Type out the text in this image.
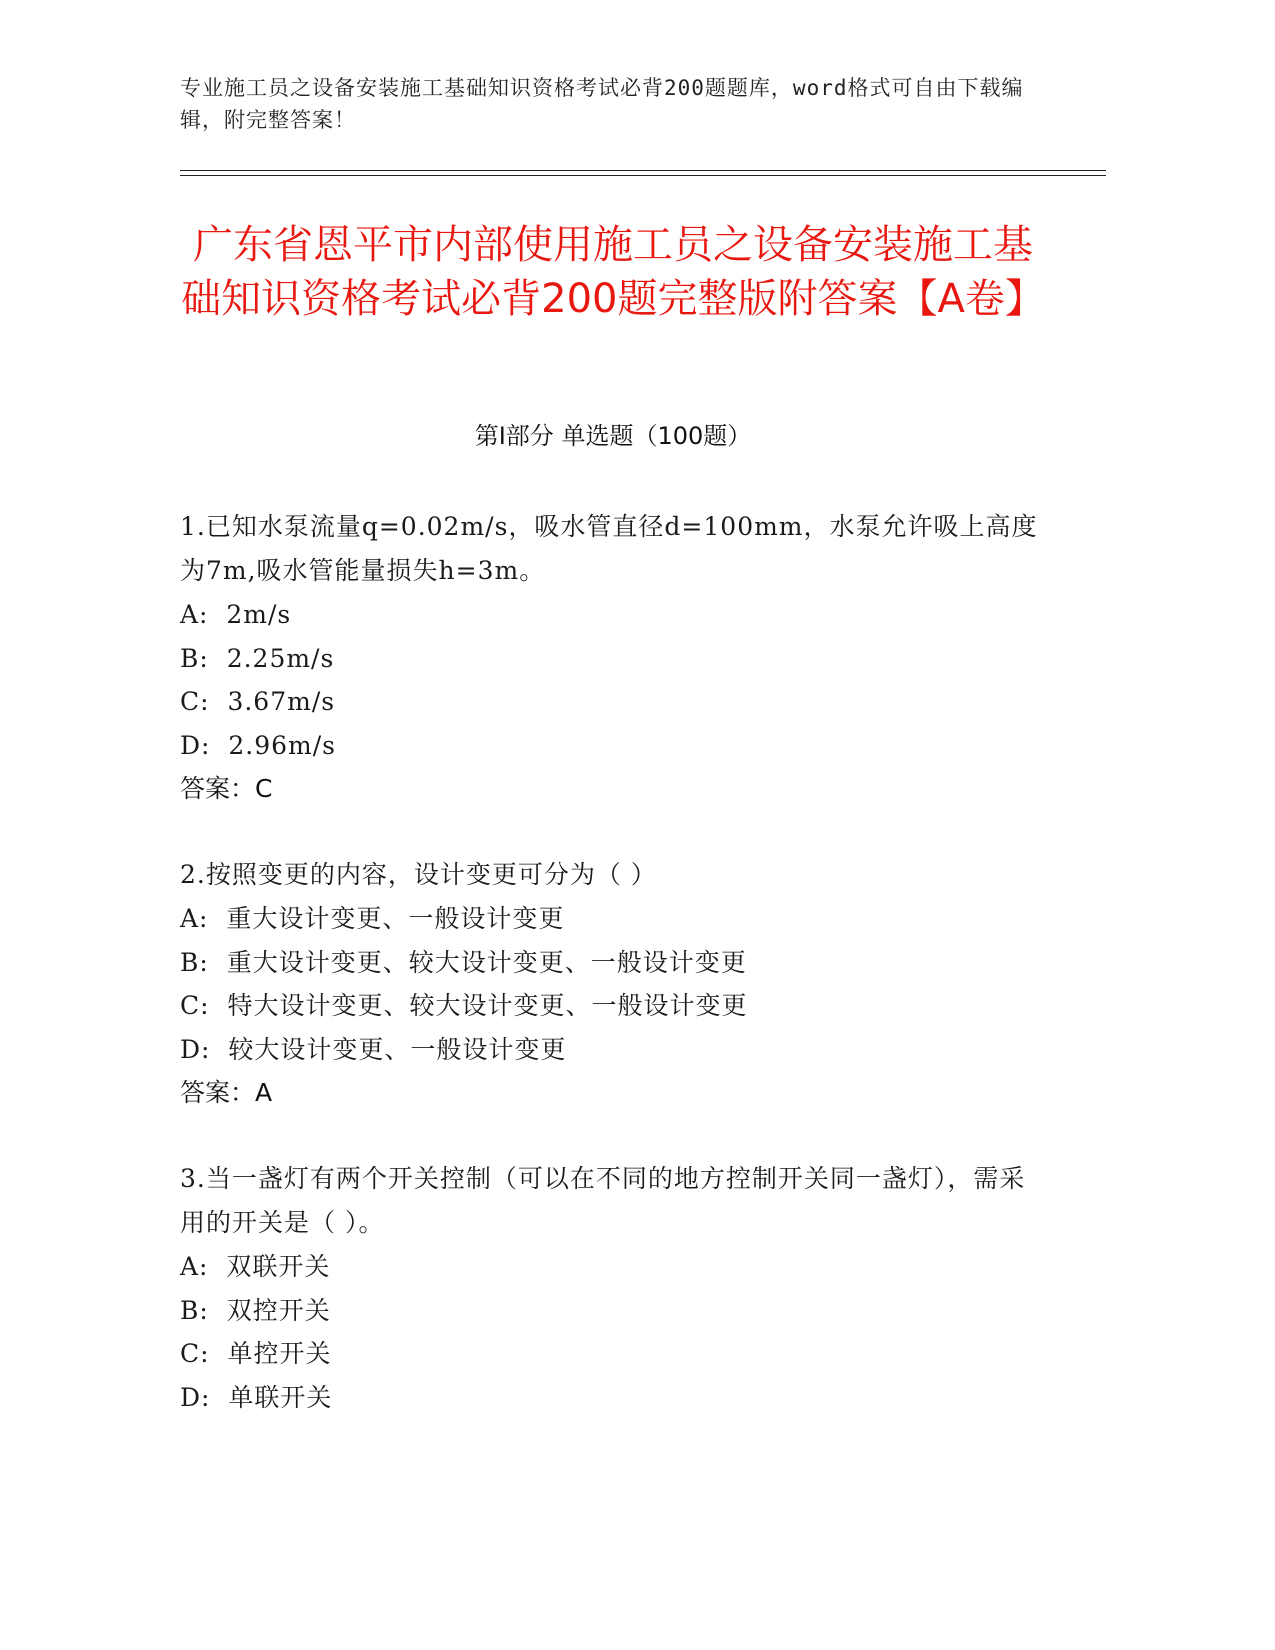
专业施工员之设备安装施工基础知识资格考试必背200题题库，word格式可自由下载编辑，附完整答案！
广东省恩平市内部使用施工员之设备安装施工基础知识资格考试必背200题完整版附答案【A卷】
第I部分 单选题（100题）
1.已知水泵流量q=0.02m/s，吸水管直径d=100mm，水泵允许吸上高度为7m,吸水管能量损失h=3m。
A:  2m/s
B:  2.25m/s
C:  3.67m/s
D:  2.96m/s
答案：C
2.按照变更的内容，设计变更可分为（ ）
A:  重大设计变更、一般设计变更
B:  重大设计变更、较大设计变更、一般设计变更
C:  特大设计变更、较大设计变更、一般设计变更
D:  较大设计变更、一般设计变更
答案：A
3.当一盏灯有两个开关控制（可以在不同的地方控制开关同一盏灯），需采用的开关是（ ）。
A:  双联开关
B:  双控开关
C:  单控开关
D:  单联开关
